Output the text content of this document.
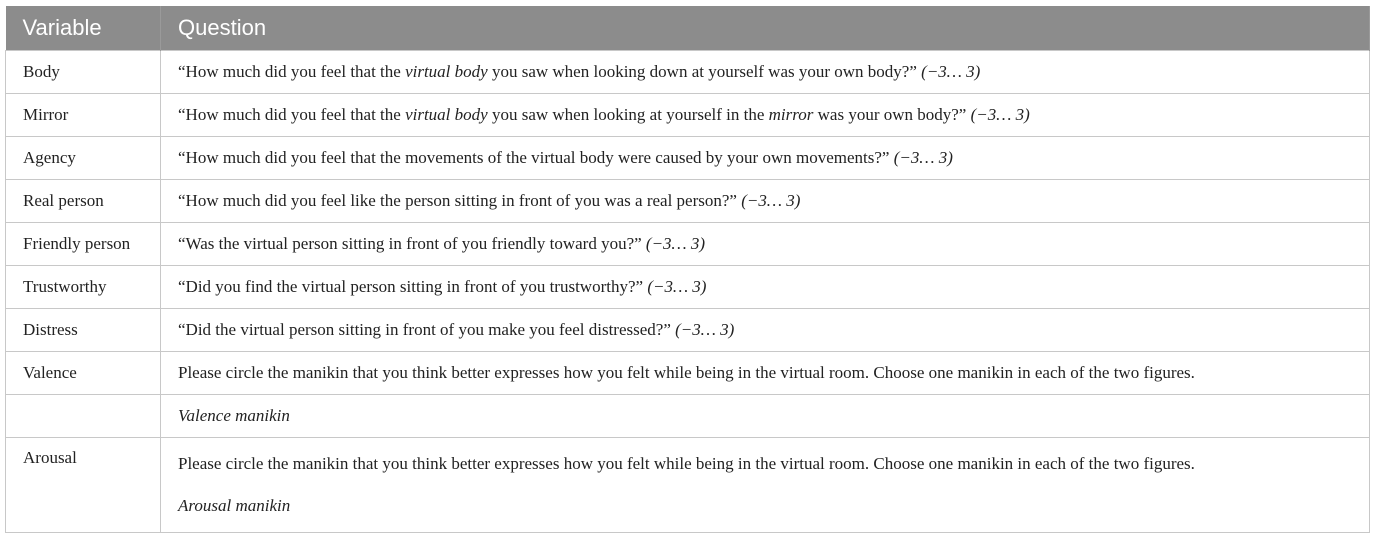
Variable	Question
Body	“How much did you feel that the virtual body you saw when looking down at yourself was your own body?” (−3… 3)
Mirror	“How much did you feel that the virtual body you saw when looking at yourself in the mirror was your own body?” (−3… 3)
Agency	“How much did you feel that the movements of the virtual body were caused by your own movements?” (−3… 3)
Real person	“How much did you feel like the person sitting in front of you was a real person?” (−3… 3)
Friendly person	“Was the virtual person sitting in front of you friendly toward you?” (−3… 3)
Trustworthy	“Did you find the virtual person sitting in front of you trustworthy?” (−3… 3)
Distress	“Did the virtual person sitting in front of you make you feel distressed?” (−3… 3)
Valence	Please circle the manikin that you think better expresses how you felt while being in the virtual room. Choose one manikin in each of the two figures.
	Valence manikin
Arousal	Please circle the manikin that you think better expresses how you felt while being in the virtual room. Choose one manikin in each of the two figures.
Arousal manikin
